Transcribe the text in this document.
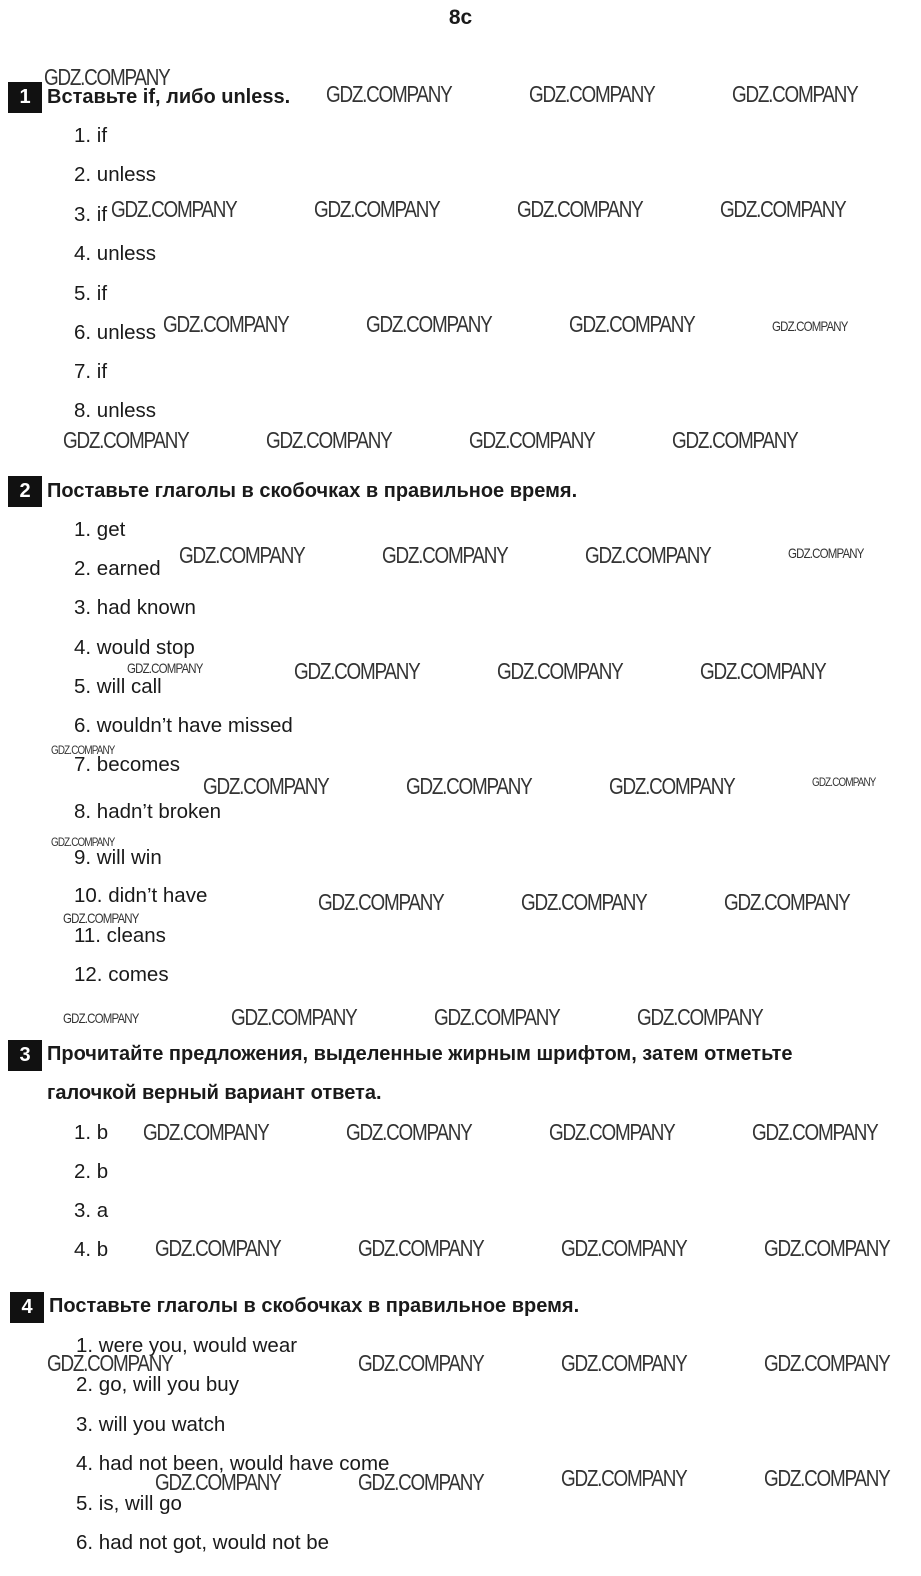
8c
1 Вставьте if, либо unless.
1. if
2. unless
3. if
4. unless
5. if
6. unless
7. if
8. unless
2 Поставьте глаголы в скобочках в правильное время.
1. get
2. earned
3. had known
4. would stop
5. will call
6. wouldn’t have missed
7. becomes
8. hadn’t broken
9. will win
10. didn’t have
11. cleans
12. comes
3 Прочитайте предложения, выделенные жирным шрифтом, затем отметьте
галочкой верный вариант ответа.
1. b
2. b
3. a
4. b
4 Поставьте глаголы в скобочках в правильное время.
1. were you, would wear
2. go, will you buy
3. will you watch
4. had not been, would have come
5. is, will go
6. had not got, would not be
GDZ.COMPANY
GDZ.COMPANY	GDZ.COMPANY	GDZ.COMPANY
GDZ.COMPANY	GDZ.COMPANY	GDZ.COMPANY	GDZ.COMPANY
GDZ.COMPANY	GDZ.COMPANY	GDZ.COMPANY	GDZ.COMPANY
GDZ.COMPANY	GDZ.COMPANY	GDZ.COMPANY	GDZ.COMPANY
GDZ.COMPANY	GDZ.COMPANY	GDZ.COMPANY	GDZ.COMPANY
GDZ.COMPANY	GDZ.COMPANY	GDZ.COMPANY	GDZ.COMPANY
GDZ.COMPANY
GDZ.COMPANY	GDZ.COMPANY	GDZ.COMPANY	GDZ.COMPANY
GDZ.COMPANY
GDZ.COMPANY	GDZ.COMPANY	GDZ.COMPANY
GDZ.COMPANY
GDZ.COMPANY	GDZ.COMPANY	GDZ.COMPANY	GDZ.COMPANY
GDZ.COMPANY	GDZ.COMPANY	GDZ.COMPANY	GDZ.COMPANY
GDZ.COMPANY	GDZ.COMPANY	GDZ.COMPANY	GDZ.COMPANY
GDZ.COMPANY	GDZ.COMPANY	GDZ.COMPANY	GDZ.COMPANY
GDZ.COMPANY	GDZ.COMPANY	GDZ.COMPANY	GDZ.COMPANY
